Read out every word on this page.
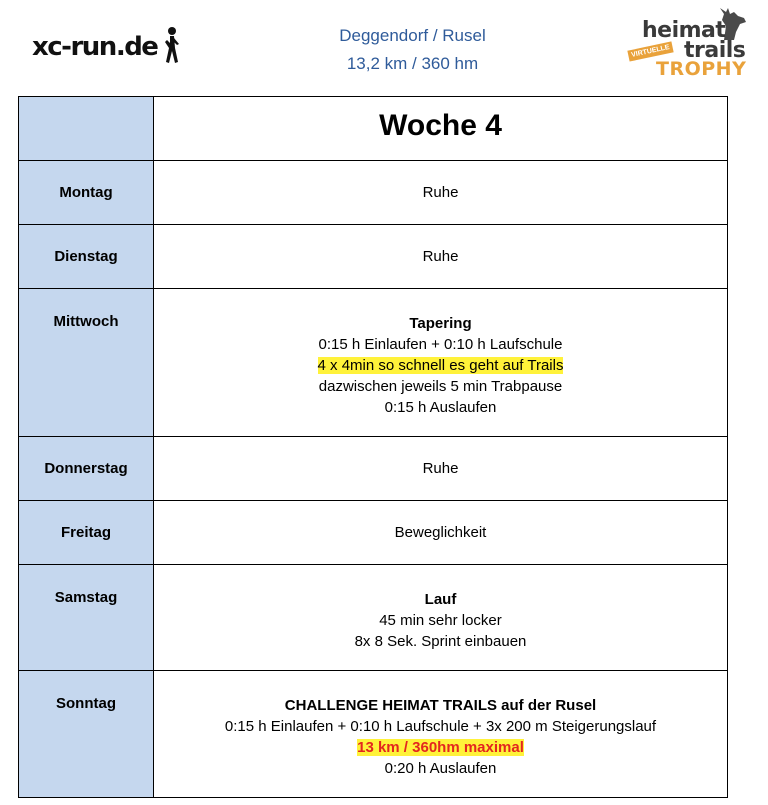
xc-run.de	Deggendorf / Rusel
13,2 km / 360 hm
heimat
VIRTUELLE trails
TROPHY

	Woche 4

Montag	Ruhe
Dienstag	Ruhe
Mittwoch	Tapering
0:15 h Einlaufen + 0:10 h Laufschule
4 x 4min so schnell es geht auf Trails
dazwischen jeweils 5 min Trabpause
0:15 h Auslaufen

Donnerstag	Ruhe
Freitag	Beweglichkeit
Samstag	Lauf
45 min sehr locker
8x 8 Sek. Sprint einbauen

Sonntag	CHALLENGE HEIMAT TRAILS auf der Rusel
0:15 h Einlaufen + 0:10 h Laufschule + 3x 200 m Steigerungslauf
13 km / 360hm maximal
0:20 h Auslaufen
